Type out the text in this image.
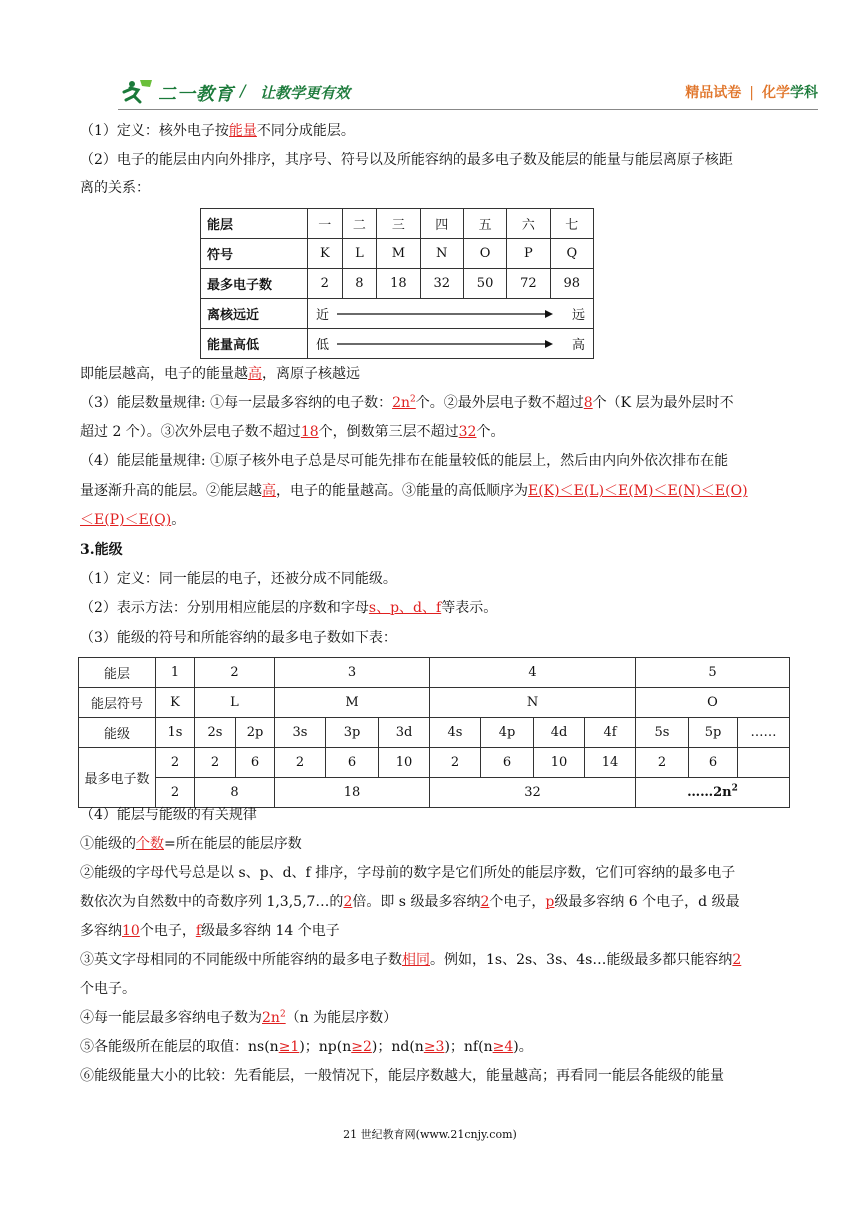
二一教育 / 让教学更有效	精品试卷 | 化学学科
（1）定义：核外电子按能量不同分成能层。
（2）电子的能层由内向外排序，其序号、符号以及所能容纳的最多电子数及能层的能量与能层离原子核距
离的关系：
能层	一	二	三	四	五	六	七
符号	K	L	M	N	O	P	Q
最多电子数	2	8	18	32	50	72	98
离核远近	近 远						

能量高低	低 高						
即能层越高，电子的能量越高，离原子核越远
（3）能层数量规律: ①每一层最多容纳的电子数：$2n^2$个。②最外层电子数不超过8个（K 层为最外层时不
超过 2 个）。③次外层电子数不超过18个，倒数第三层不超过32个。
（4）能层能量规律: ①原子核外电子总是尽可能先排布在能量较低的能层上，然后由内向外依次排布在能
量逐渐升高的能层。②能层越高，电子的能量越高。③能量的高低顺序为E(K)＜E(L)＜E(M)＜E(N)＜E(O)
＜E(P)＜E(Q)。
3.能级
（1）定义：同一能层的电子，还被分成不同能级。
（2）表示方法：分别用相应能层的序数和字母s、p、d、f等表示。
（3）能级的符号和所能容纳的最多电子数如下表：
能层	1	2		3			4				5		
能层符号	K	L		M			N				O		
能级	1s	2s	2p	3s	3p	3d	4s	4p	4d	4f	5s	5p	……
最多电子数	2	2	6	2	6	10	2	6	10	14	2	6	
	2	8		18			32				$\dots\dots 2n^2$
（4）能层与能级的有关规律
①能级的个数=所在能层的能层序数
②能级的字母代号总是以 s、p、d、f 排序，字母前的数字是它们所处的能层序数，它们可容纳的最多电子
数依次为自然数中的奇数序列 1,3,5,7…的2倍。即 s 级最多容纳2个电子，p级最多容纳 6 个电子，d 级最
多容纳10个电子，f级最多容纳 14 个电子
③英文字母相同的不同能级中所能容纳的最多电子数相同。例如，1s、2s、3s、4s…能级最多都只能容纳2
个电子。
④每一能层最多容纳电子数为$2n^2(n$ 为能层序数）
⑤各能级所在能层的取值：ns(n≥1)；np(n≥2)；nd(n≥3)；nf(n≥4)。
⑥能级能量大小的比较：先看能层，一般情况下，能层序数越大，能量越高；再看同一能层各能级的能量
21 世纪教育网(www.21cnjy.com)
